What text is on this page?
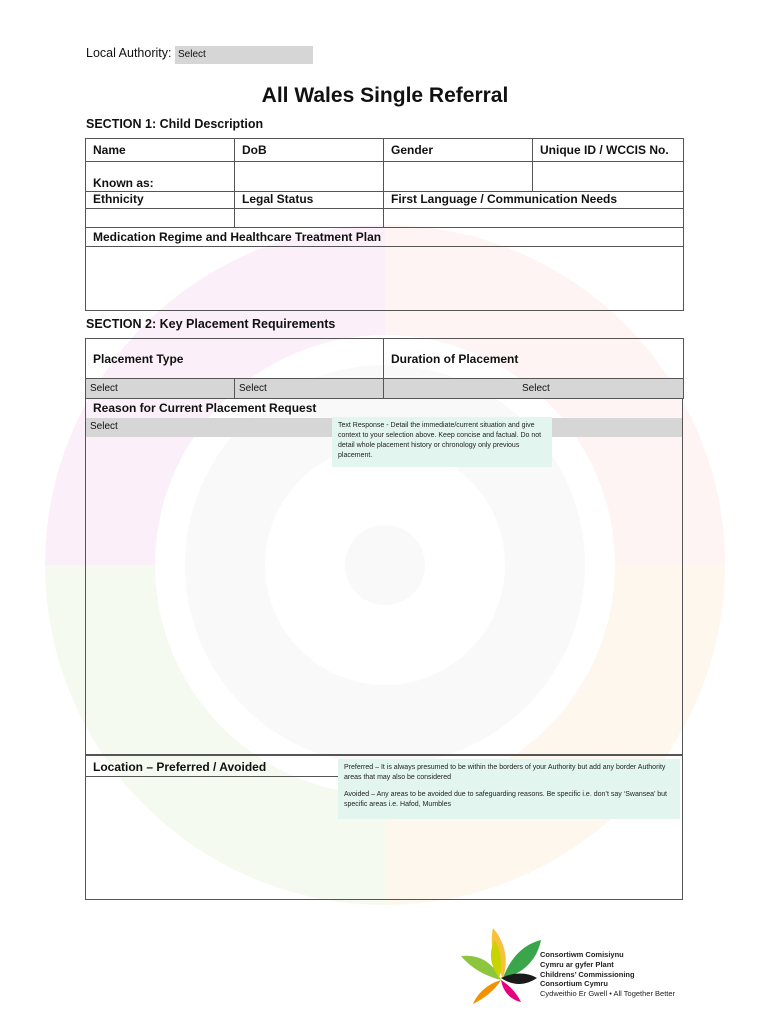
Local Authority: Select
All Wales Single Referral
SECTION 1: Child Description
Name	DoB	Gender	Unique ID / WCCIS No.
Known as:			
Ethnicity	Legal Status	First Language / Communication Needs	

Medication Regime and Healthcare Treatment Plan			

SECTION 2: Key Placement Requirements
Placement Type		Duration of Placement
Select	Select	Select
Reason for Current Placement Request
Select	Text Response - Detail the immediate/current situation and give context to your selection above. Keep concise and factual. Do not detail whole placement history or chronology only previous placement.
Location – Preferred / Avoided	Preferred – It is always presumed to be within the borders of your Authority but add any border Authority areas that may also be considered
Avoided – Any areas to be avoided due to safeguarding reasons. Be specific i.e. don’t say ‘Swansea’ but specific areas i.e. Hafod, Mumbles
Consortiwm Comisiynu
Cymru ar gyfer Plant
Childrens’ Commissioning
Consortium Cymru
Cydweithio Er Gwell • All Together Better
